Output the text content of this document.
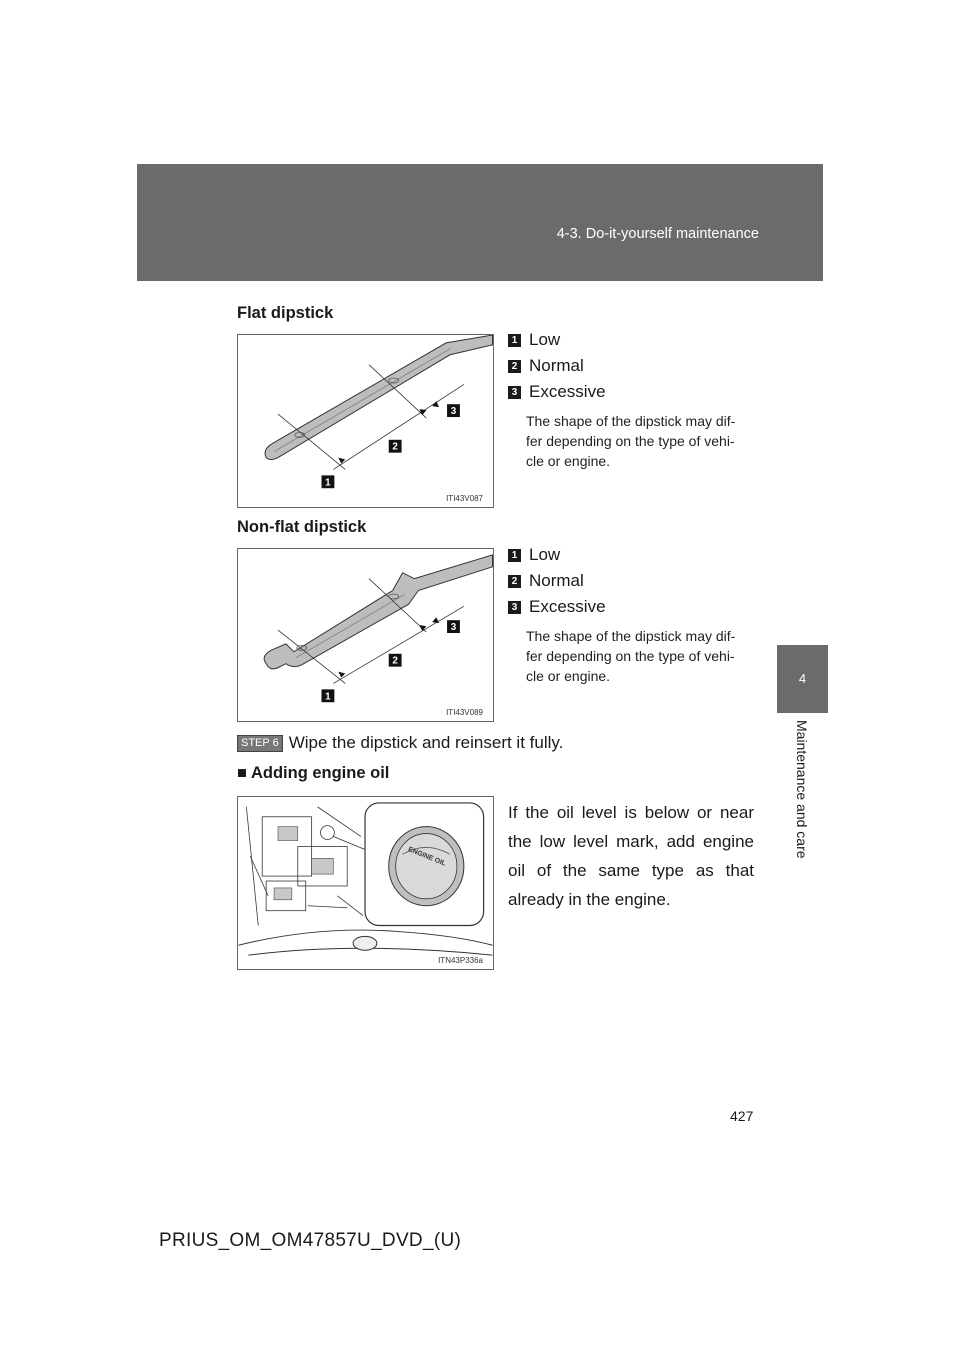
4-3. Do-it-yourself maintenance
4
Maintenance and care
Flat dipstick
1
2
3
ITI43V087
1 Low
2 Normal
3 Excessive
The shape of the dipstick may dif-fer depending on the type of vehi-cle or engine.
Non-flat dipstick
1
2
3
ITI43V089
1 Low
2 Normal
3 Excessive
The shape of the dipstick may dif-fer depending on the type of vehi-cle or engine.
STEP 6 Wipe the dipstick and reinsert it fully.
■ Adding engine oil
ENGINE OIL
ITN43P336a
If the oil level is below or near the low level mark, add engine oil of the same type as that already in the engine.
427
PRIUS_OM_OM47857U_DVD_(U)
